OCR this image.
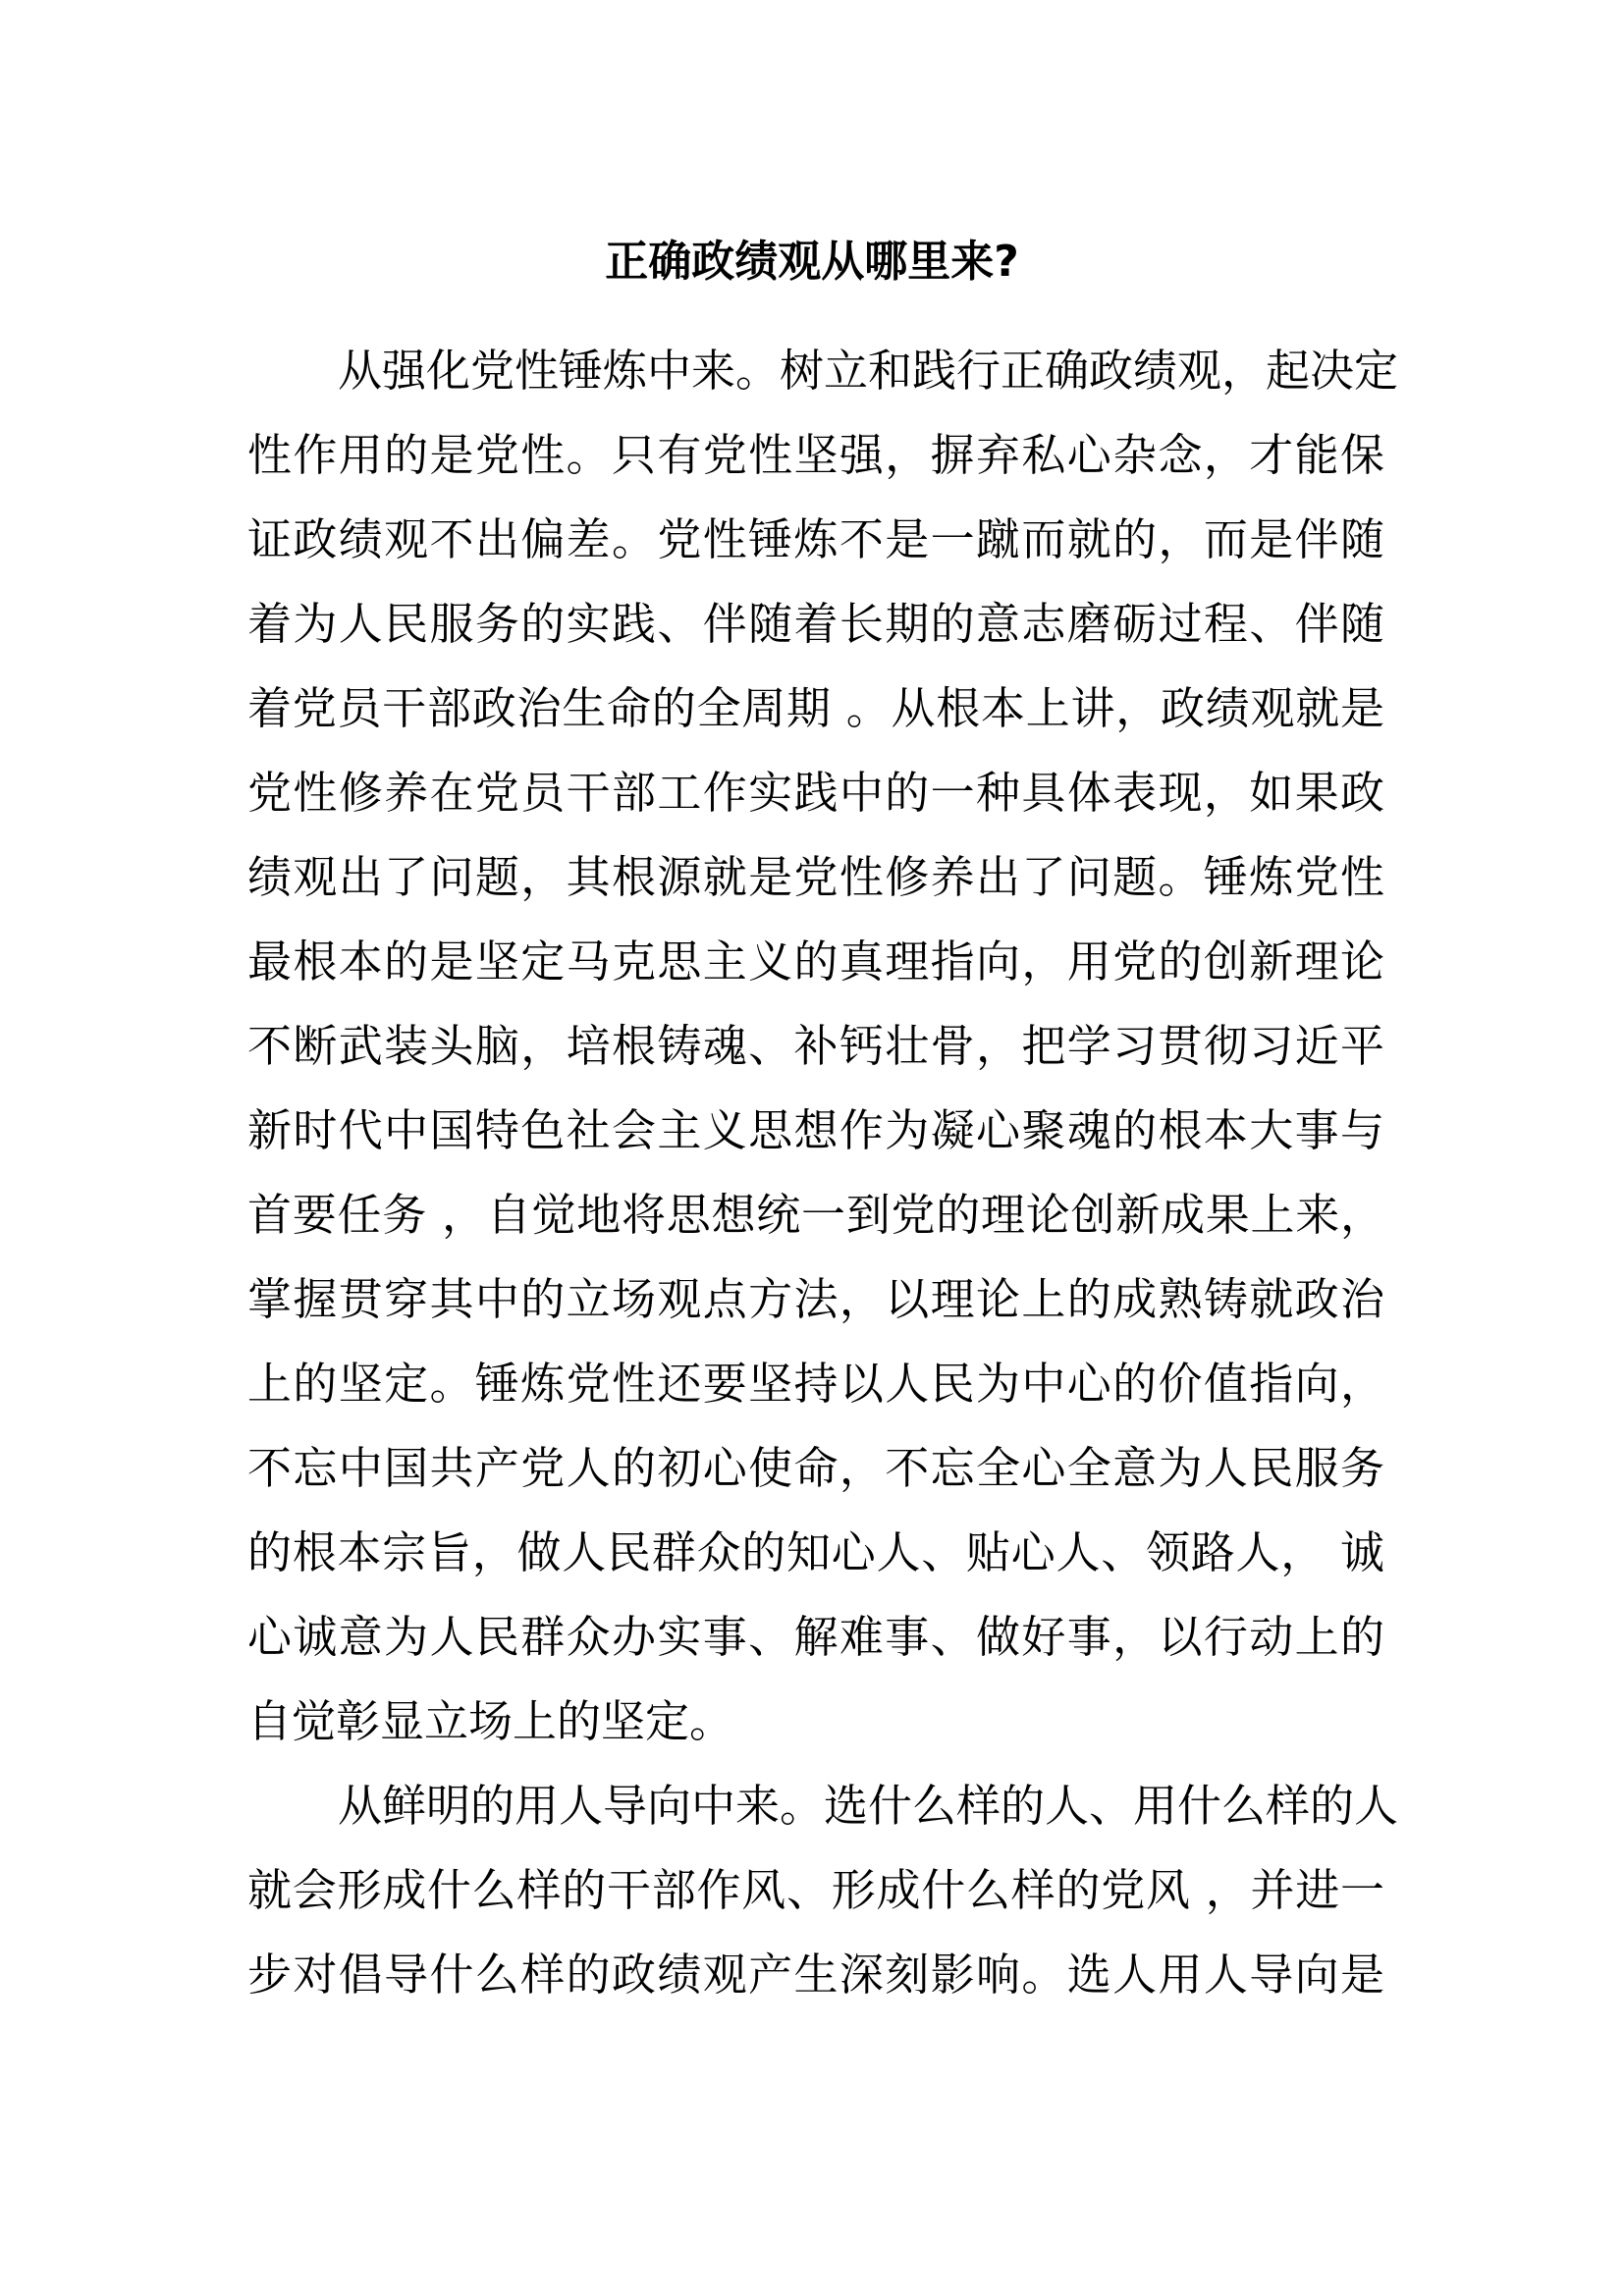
正确政绩观从哪里来?
从强化党性锤炼中来。树立和践行正确政绩观，起决定
性作用的是党性。只有党性坚强，摒弃私心杂念，才能保
证政绩观不出偏差。党性锤炼不是一蹴而就的，而是伴随
着为人民服务的实践、伴随着长期的意志磨砺过程、伴随
着党员干部政治生命的全周期 。从根本上讲，政绩观就是
党性修养在党员干部工作实践中的一种具体表现，如果政
绩观出了问题，其根源就是党性修养出了问题。锤炼党性
最根本的是坚定马克思主义的真理指向，用党的创新理论
不断武装头脑，培根铸魂、补钙壮骨，把学习贯彻习近平
新时代中国特色社会主义思想作为凝心聚魂的根本大事与
首要任务 ，自觉地将思想统一到党的理论创新成果上来，
掌握贯穿其中的立场观点方法，以理论上的成熟铸就政治
上的坚定。锤炼党性还要坚持以人民为中心的价值指向，
不忘中国共产党人的初心使命，不忘全心全意为人民服务
的根本宗旨，做人民群众的知心人、贴心人、领路人， 诚
心诚意为人民群众办实事、解难事、做好事，以行动上的
自觉彰显立场上的坚定。
从鲜明的用人导向中来。选什么样的人、用什么样的人
就会形成什么样的干部作风、形成什么样的党风 ，并进一
步对倡导什么样的政绩观产生深刻影响。选人用人导向是
